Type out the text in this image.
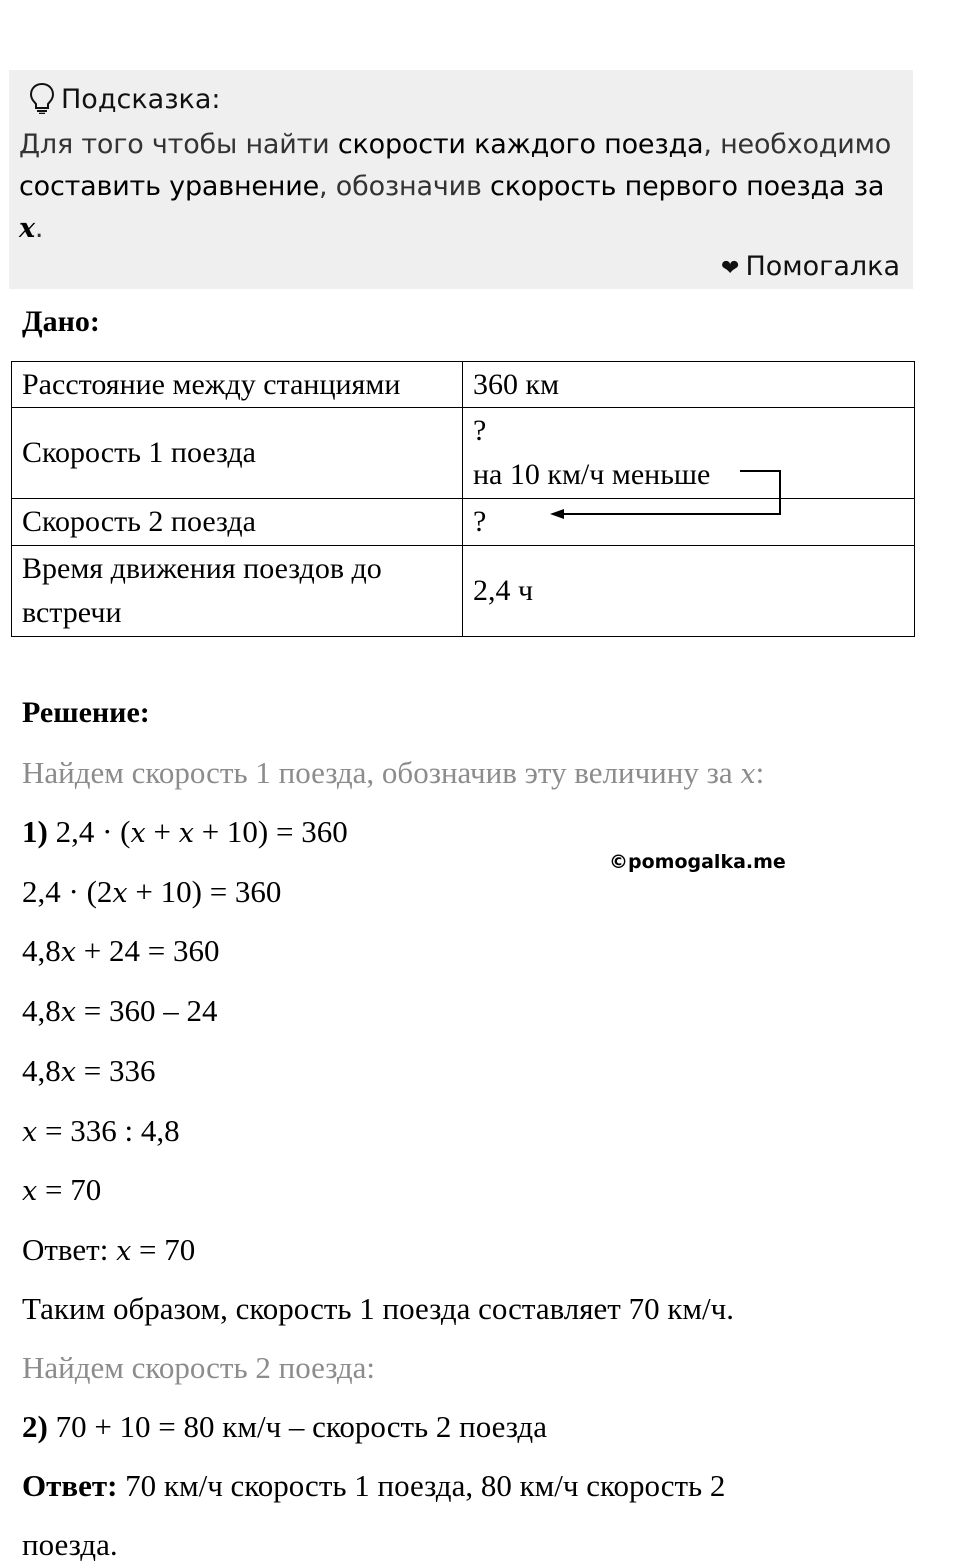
Подсказка:
Для того чтобы найти скорости каждого поезда, необходимо составить уравнение, обозначив скорость первого поезда за
x.
❤ Помогалка
Дано:
Расстояние между станциями	360 км
Скорость 1 поезда	?
на 10 км/ч меньше

Скорость 2 поезда	?
Время движения поездов до встречи	2,4 ч
Решение:
Найдем скорость 1 поезда, обозначив эту величину за x:
1) 2,4 · (x + x + 10) = 360
©pomogalka.me
2,4 · (2x + 10) = 360
4,8x + 24 = 360
4,8x = 360 – 24
4,8x = 336
x = 336 : 4,8
x = 70
Ответ: x = 70
Таким образом, скорость 1 поезда составляет 70 км/ч.
Найдем скорость 2 поезда:
2) 70 + 10 = 80 км/ч – скорость 2 поезда
Ответ: 70 км/ч скорость 1 поезда, 80 км/ч скорость 2
поезда.
